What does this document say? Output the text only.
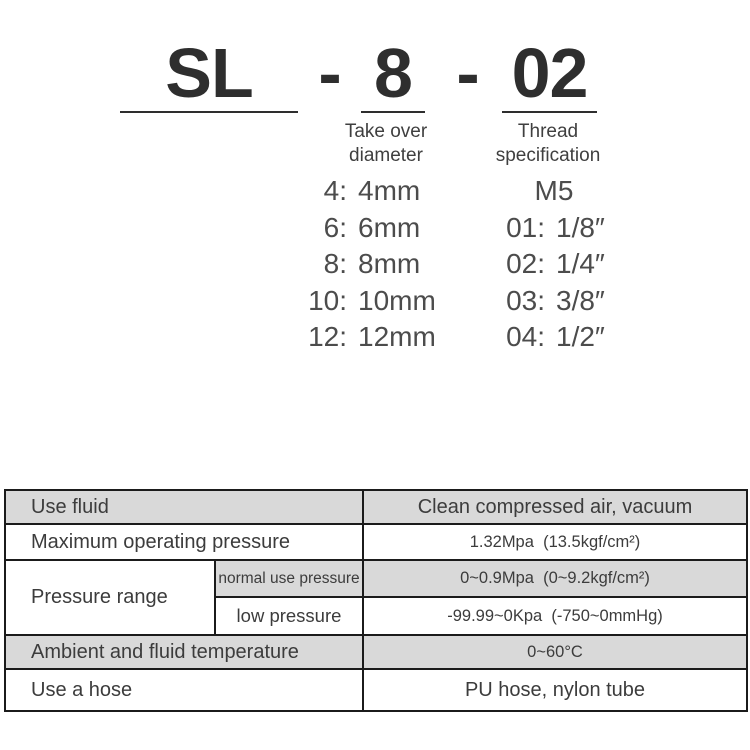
SL - 8 - 02
Take over
diameter
Thread
specification
4: 4mm
6: 6mm
8: 8mm
10: 10mm
12: 12mm
M5
01: 1/8″
02: 1/4″
03: 3/8″
04: 1/2″
Use fluid		Clean compressed air, vacuum
Maximum operating pressure		1.32Mpa  (13.5kgf/cm²)
Pressure range	normal use pressure	0~0.9Mpa  (0~9.2kgf/cm²)
	low pressure	-99.99~0Kpa  (-750~0mmHg)
Ambient and fluid temperature		0~60°C
Use a hose		PU hose, nylon tube
